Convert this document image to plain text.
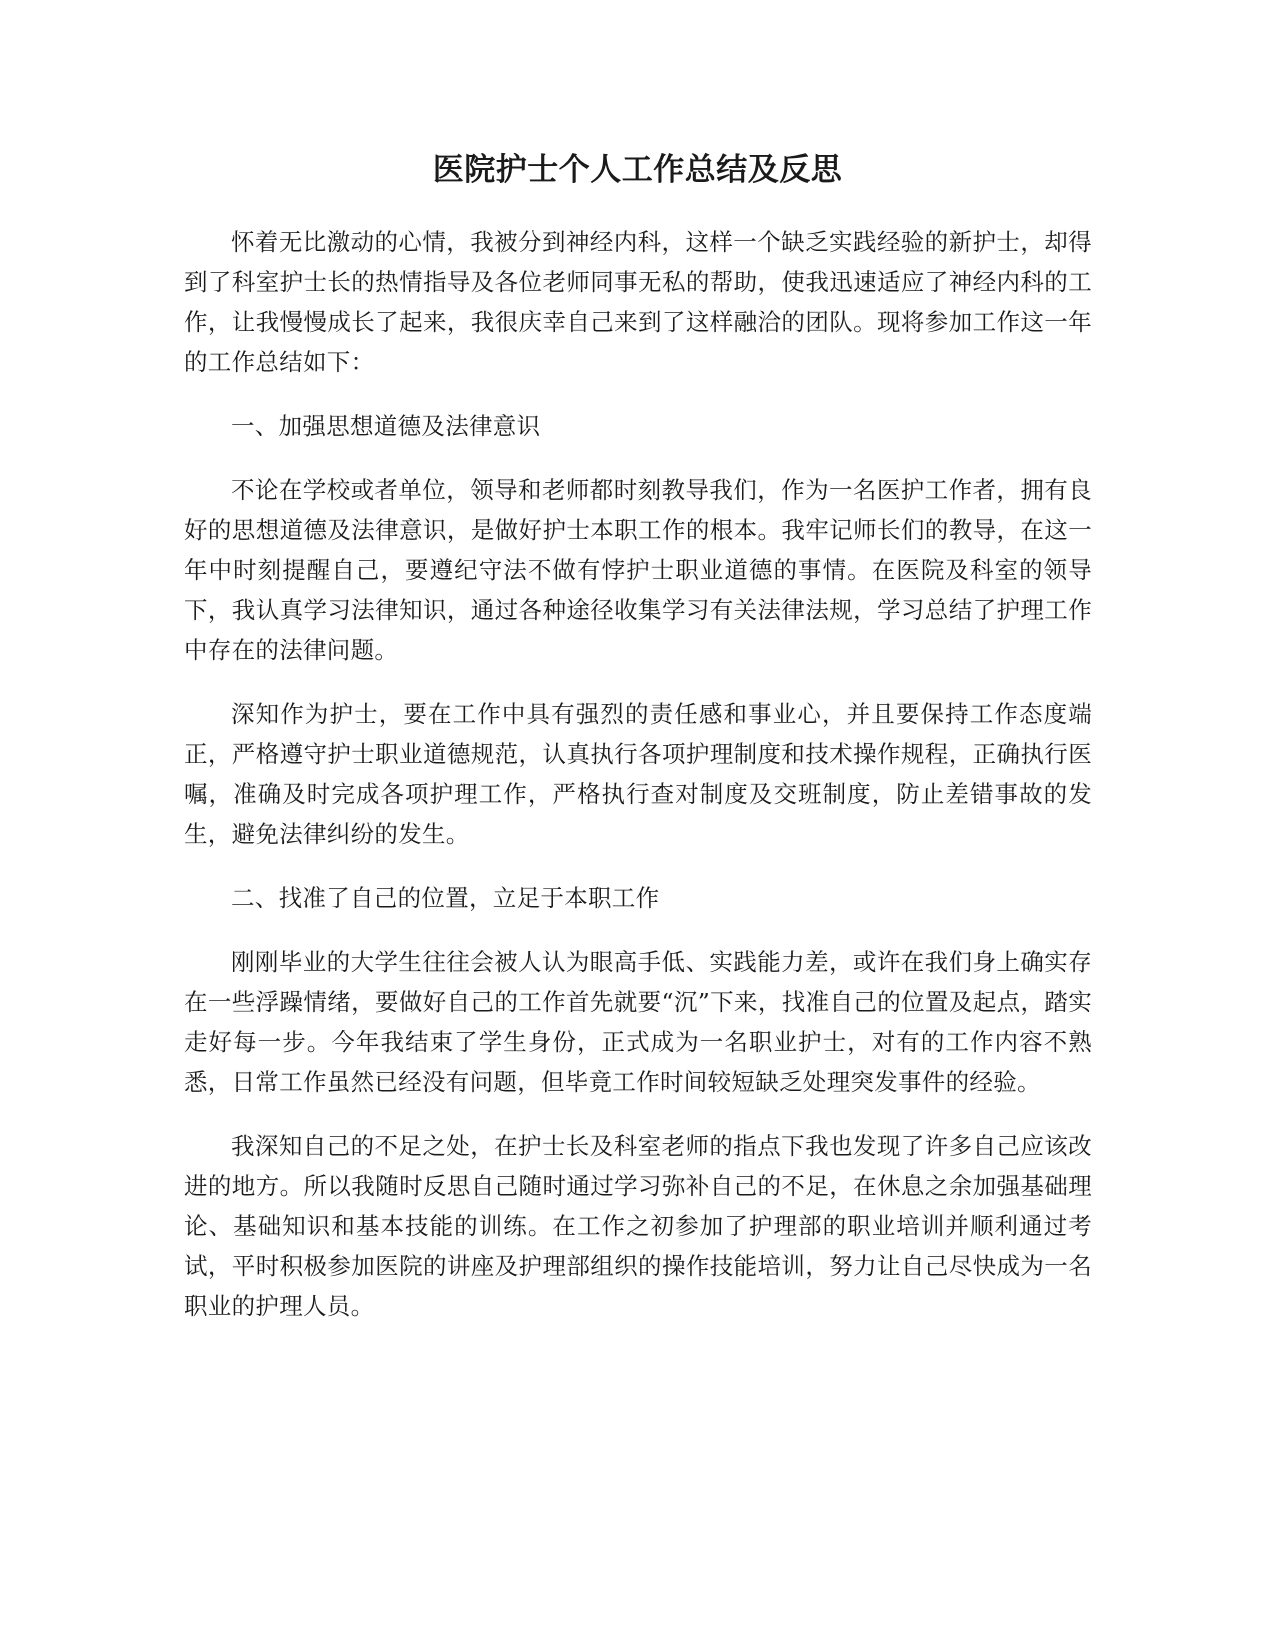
医院护士个人工作总结及反思

怀着无比激动的心情，我被分到神经内科，这样一个缺乏实践经验的新护士，却得到了科室护士长的热情指导及各位老师同事无私的帮助，使我迅速适应了神经内科的工作，让我慢慢成长了起来，我很庆幸自己来到了这样融洽的团队。现将参加工作这一年的工作总结如下：

一、加强思想道德及法律意识

不论在学校或者单位，领导和老师都时刻教导我们，作为一名医护工作者，拥有良好的思想道德及法律意识，是做好护士本职工作的根本。我牢记师长们的教导，在这一年中时刻提醒自己，要遵纪守法不做有悖护士职业道德的事情。在医院及科室的领导下，我认真学习法律知识，通过各种途径收集学习有关法律法规，学习总结了护理工作中存在的法律问题。

深知作为护士，要在工作中具有强烈的责任感和事业心，并且要保持工作态度端正，严格遵守护士职业道德规范，认真执行各项护理制度和技术操作规程，正确执行医嘱，准确及时完成各项护理工作，严格执行查对制度及交班制度，防止差错事故的发生，避免法律纠纷的发生。

二、找准了自己的位置，立足于本职工作

刚刚毕业的大学生往往会被人认为眼高手低、实践能力差，或许在我们身上确实存在一些浮躁情绪，要做好自己的工作首先就要“沉”下来，找准自己的位置及起点，踏实走好每一步。今年我结束了学生身份，正式成为一名职业护士，对有的工作内容不熟悉，日常工作虽然已经没有问题，但毕竟工作时间较短缺乏处理突发事件的经验。

我深知自己的不足之处，在护士长及科室老师的指点下我也发现了许多自己应该改进的地方。所以我随时反思自己随时通过学习弥补自己的不足，在休息之余加强基础理论、基础知识和基本技能的训练。在工作之初参加了护理部的职业培训并顺利通过考试，平时积极参加医院的讲座及护理部组织的操作技能培训，努力让自己尽快成为一名职业的护理人员。
